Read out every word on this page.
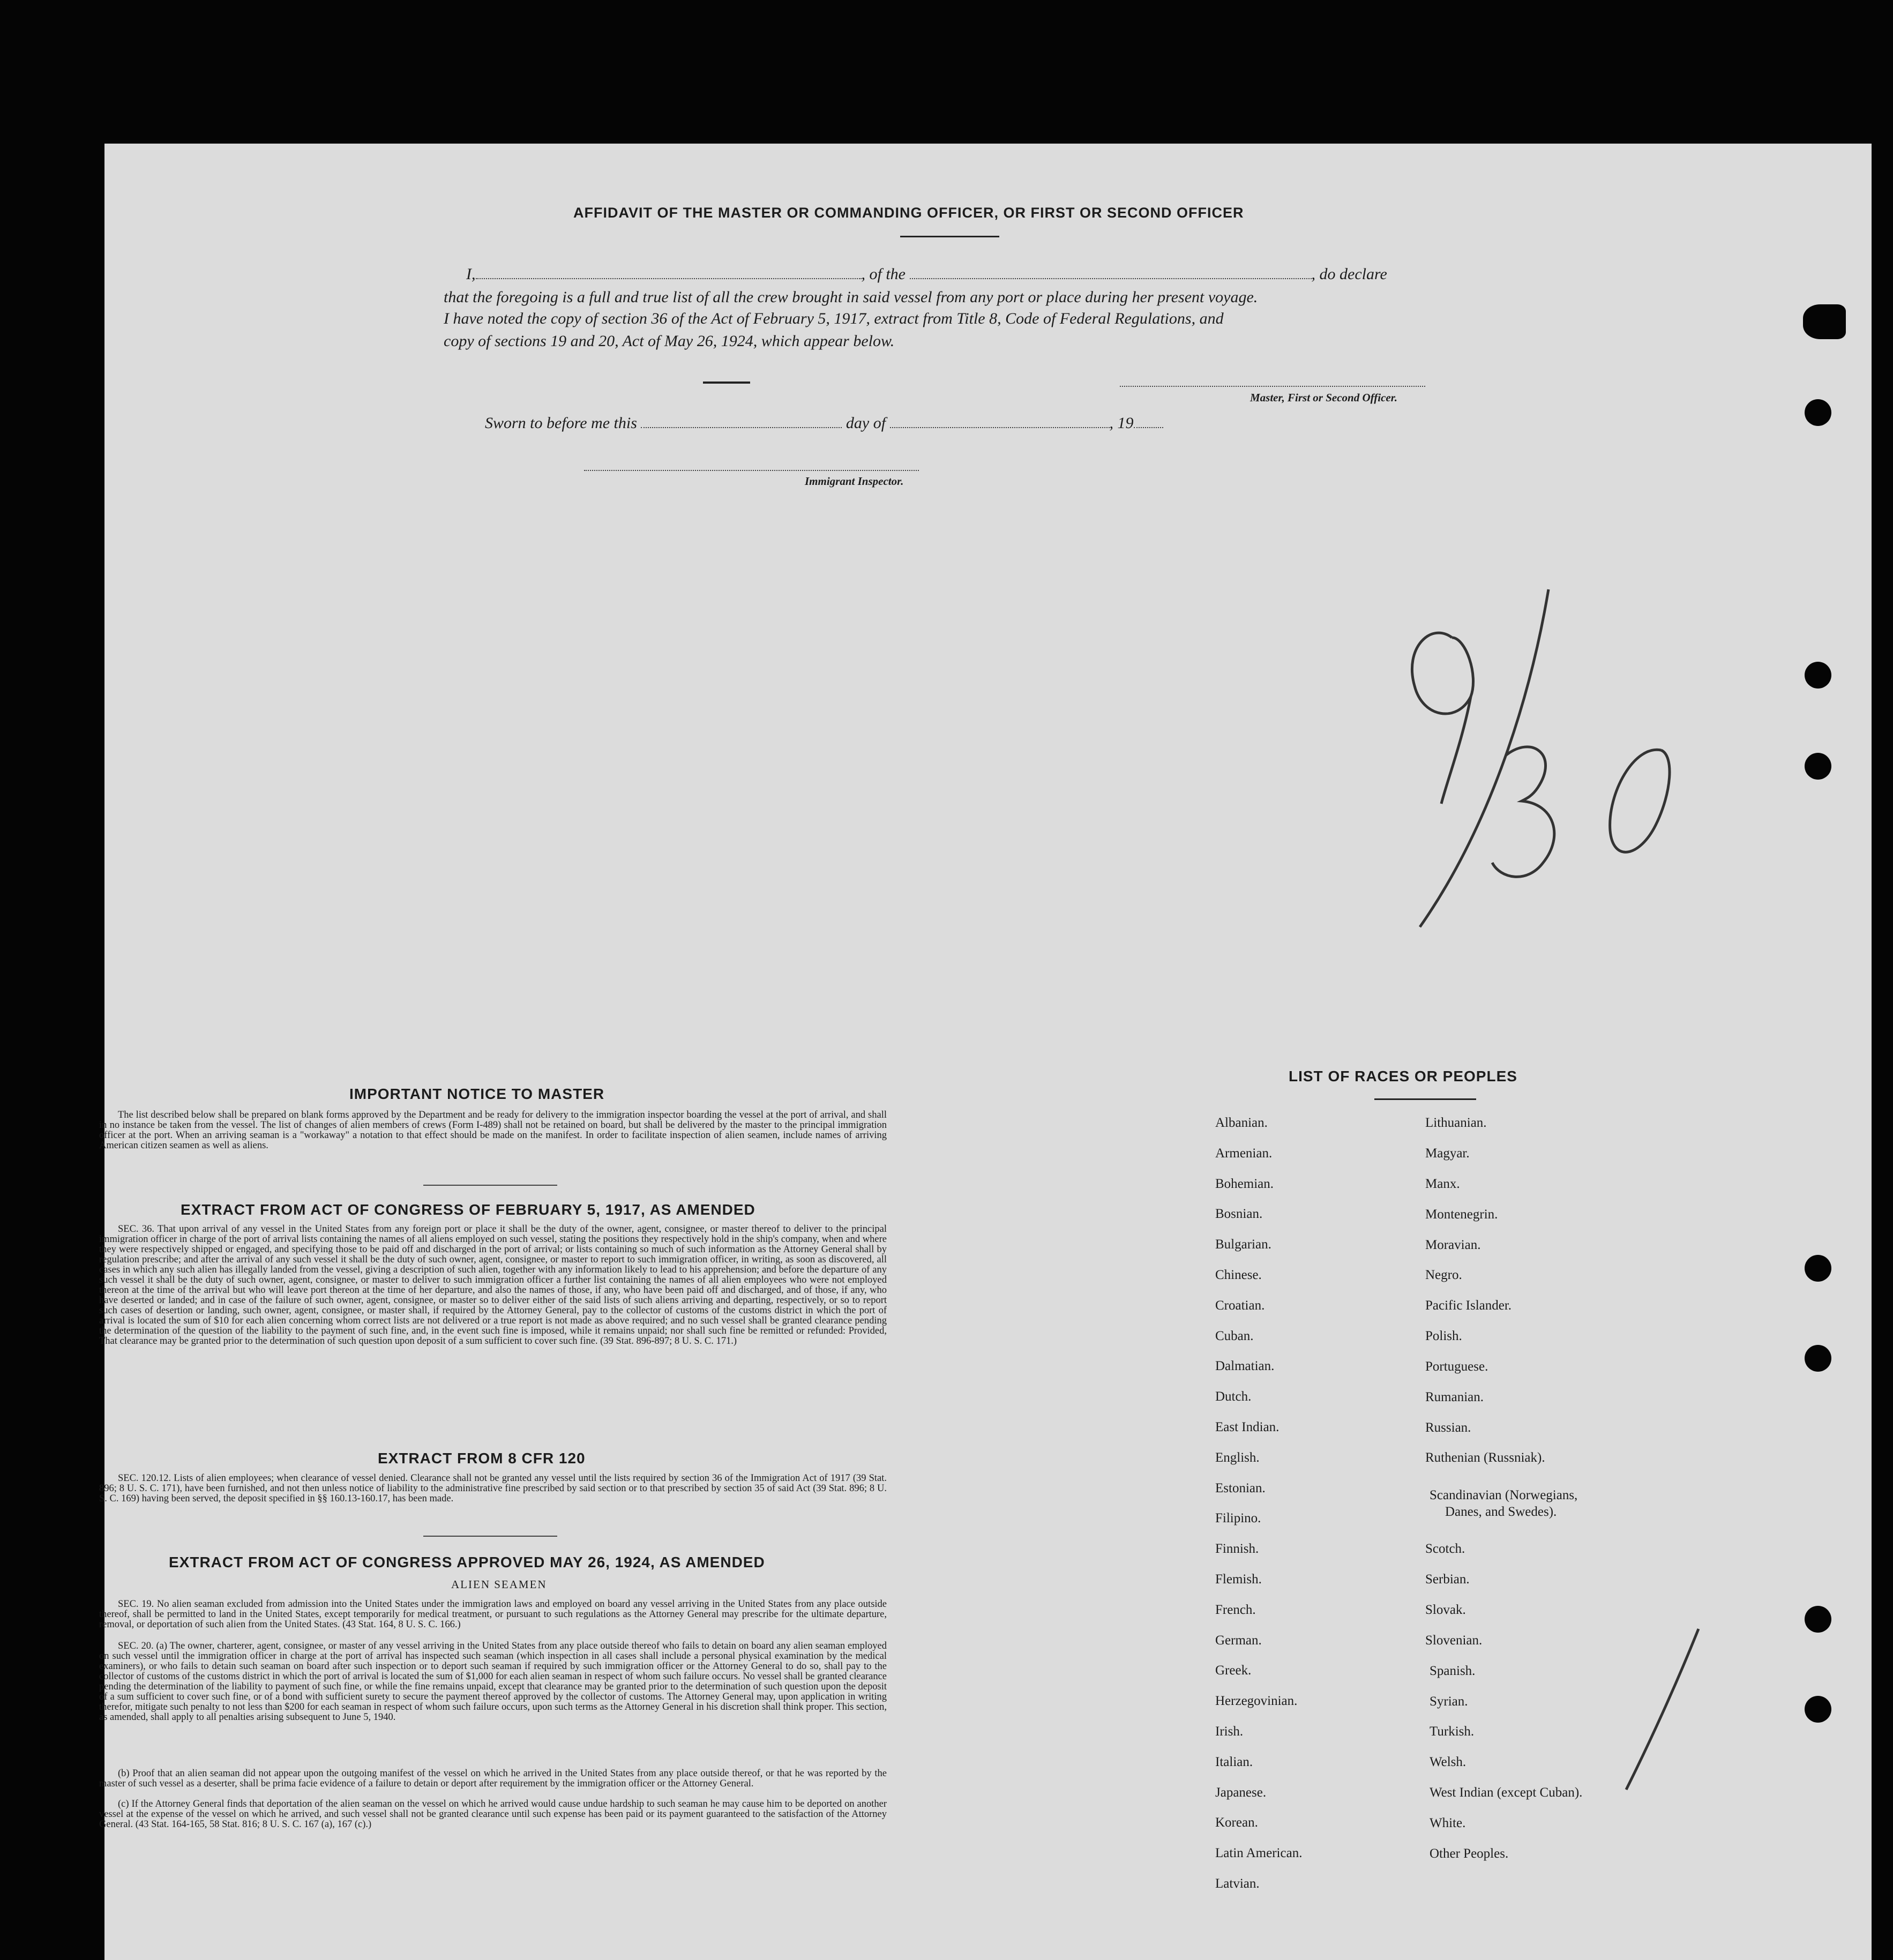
AFFIDAVIT OF THE MASTER OR COMMANDING OFFICER, OR FIRST OR SECOND OFFICER
I,	, of the	, do declare
that the foregoing is a full and true list of all the crew brought in said vessel from any port or place during her present voyage.
I have noted the copy of section 36 of the Act of February 5, 1917, extract from Title 8, Code of Federal Regulations, and
copy of sections 19 and 20, Act of May 26, 1924, which appear below.
Master, First or Second Officer.
Sworn to before me this	day of	, 19
Immigrant Inspector.
IMPORTANT NOTICE TO MASTER
The list described below shall be prepared on blank forms approved by the Department and be ready for delivery to the immigration inspector boarding the vessel at the port of arrival, and shall in no instance be taken from the vessel. The list of changes of alien members of crews (Form I-489) shall not be retained on board, but shall be delivered by the master to the principal immigration officer at the port. When an arriving seaman is a "workaway" a notation to that effect should be made on the manifest. In order to facilitate inspection of alien seamen, include names of arriving American citizen seamen as well as aliens.
EXTRACT FROM ACT OF CONGRESS OF FEBRUARY 5, 1917, AS AMENDED
SEC. 36. That upon arrival of any vessel in the United States from any foreign port or place it shall be the duty of the owner, agent, consignee, or master thereof to deliver to the principal immigration officer in charge of the port of arrival lists containing the names of all aliens employed on such vessel, stating the positions they respectively hold in the ship's company, when and where they were respectively shipped or engaged, and specifying those to be paid off and discharged in the port of arrival; or lists containing so much of such information as the Attorney General shall by regulation prescribe; and after the arrival of any such vessel it shall be the duty of such owner, agent, consignee, or master to report to such immigration officer, in writing, as soon as discovered, all cases in which any such alien has illegally landed from the vessel, giving a description of such alien, together with any information likely to lead to his apprehension; and before the departure of any such vessel it shall be the duty of such owner, agent, consignee, or master to deliver to such immigration officer a further list containing the names of all alien employees who were not employed thereon at the time of the arrival but who will leave port thereon at the time of her departure, and also the names of those, if any, who have been paid off and discharged, and of those, if any, who have deserted or landed; and in case of the failure of such owner, agent, consignee, or master so to deliver either of the said lists of such aliens arriving and departing, respectively, or so to report such cases of desertion or landing, such owner, agent, consignee, or master shall, if required by the Attorney General, pay to the collector of customs of the customs district in which the port of arrival is located the sum of $10 for each alien concerning whom correct lists are not delivered or a true report is not made as above required; and no such vessel shall be granted clearance pending the determination of the question of the liability to the payment of such fine, and, in the event such fine is imposed, while it remains unpaid; nor shall such fine be remitted or refunded: Provided, That clearance may be granted prior to the determination of such question upon deposit of a sum sufficient to cover such fine. (39 Stat. 896-897; 8 U. S. C. 171.)
EXTRACT FROM 8 CFR 120
SEC. 120.12. Lists of alien employees; when clearance of vessel denied. Clearance shall not be granted any vessel until the lists required by section 36 of the Immigration Act of 1917 (39 Stat. 896; 8 U. S. C. 171), have been furnished, and not then unless notice of liability to the administrative fine prescribed by said section or to that prescribed by section 35 of said Act (39 Stat. 896; 8 U. S. C. 169) having been served, the deposit specified in §§ 160.13-160.17, has been made.
EXTRACT FROM ACT OF CONGRESS APPROVED MAY 26, 1924, AS AMENDED
ALIEN SEAMEN
SEC. 19. No alien seaman excluded from admission into the United States under the immigration laws and employed on board any vessel arriving in the United States from any place outside thereof, shall be permitted to land in the United States, except temporarily for medical treatment, or pursuant to such regulations as the Attorney General may prescribe for the ultimate departure, removal, or deportation of such alien from the United States. (43 Stat. 164, 8 U. S. C. 166.)
SEC. 20. (a) The owner, charterer, agent, consignee, or master of any vessel arriving in the United States from any place outside thereof who fails to detain on board any alien seaman employed on such vessel until the immigration officer in charge at the port of arrival has inspected such seaman (which inspection in all cases shall include a personal physical examination by the medical examiners), or who fails to detain such seaman on board after such inspection or to deport such seaman if required by such immigration officer or the Attorney General to do so, shall pay to the collector of customs of the customs district in which the port of arrival is located the sum of $1,000 for each alien seaman in respect of whom such failure occurs. No vessel shall be granted clearance pending the determination of the liability to payment of such fine, or while the fine remains unpaid, except that clearance may be granted prior to the determination of such question upon the deposit of a sum sufficient to cover such fine, or of a bond with sufficient surety to secure the payment thereof approved by the collector of customs. The Attorney General may, upon application in writing therefor, mitigate such penalty to not less than $200 for each seaman in respect of whom such failure occurs, upon such terms as the Attorney General in his discretion shall think proper. This section, as amended, shall apply to all penalties arising subsequent to June 5, 1940.
(b) Proof that an alien seaman did not appear upon the outgoing manifest of the vessel on which he arrived in the United States from any place outside thereof, or that he was reported by the master of such vessel as a deserter, shall be prima facie evidence of a failure to detain or deport after requirement by the immigration officer or the Attorney General.
(c) If the Attorney General finds that deportation of the alien seaman on the vessel on which he arrived would cause undue hardship to such seaman he may cause him to be deported on another vessel at the expense of the vessel on which he arrived, and such vessel shall not be granted clearance until such expense has been paid or its payment guaranteed to the satisfaction of the Attorney General. (43 Stat. 164-165, 58 Stat. 816; 8 U. S. C. 167 (a), 167 (c).)
LIST OF RACES OR PEOPLES
Albanian.
Armenian.
Bohemian.
Bosnian.
Bulgarian.
Chinese.
Croatian.
Cuban.
Dalmatian.
Dutch.
East Indian.
English.
Estonian.
Filipino.
Finnish.
Flemish.
French.
German.
Greek.
Herzegovinian.
Irish.
Italian.
Japanese.
Korean.
Latin American.
Latvian.
Lithuanian.
Magyar.
Manx.
Montenegrin.
Moravian.
Negro.
Pacific Islander.
Polish.
Portuguese.
Rumanian.
Russian.
Ruthenian (Russniak).
Scandinavian (Norwegians,
Danes, and Swedes).
Scotch.
Serbian.
Slovak.
Slovenian.
Spanish.
Syrian.
Turkish.
Welsh.
West Indian (except Cuban).
White.
Other Peoples.
